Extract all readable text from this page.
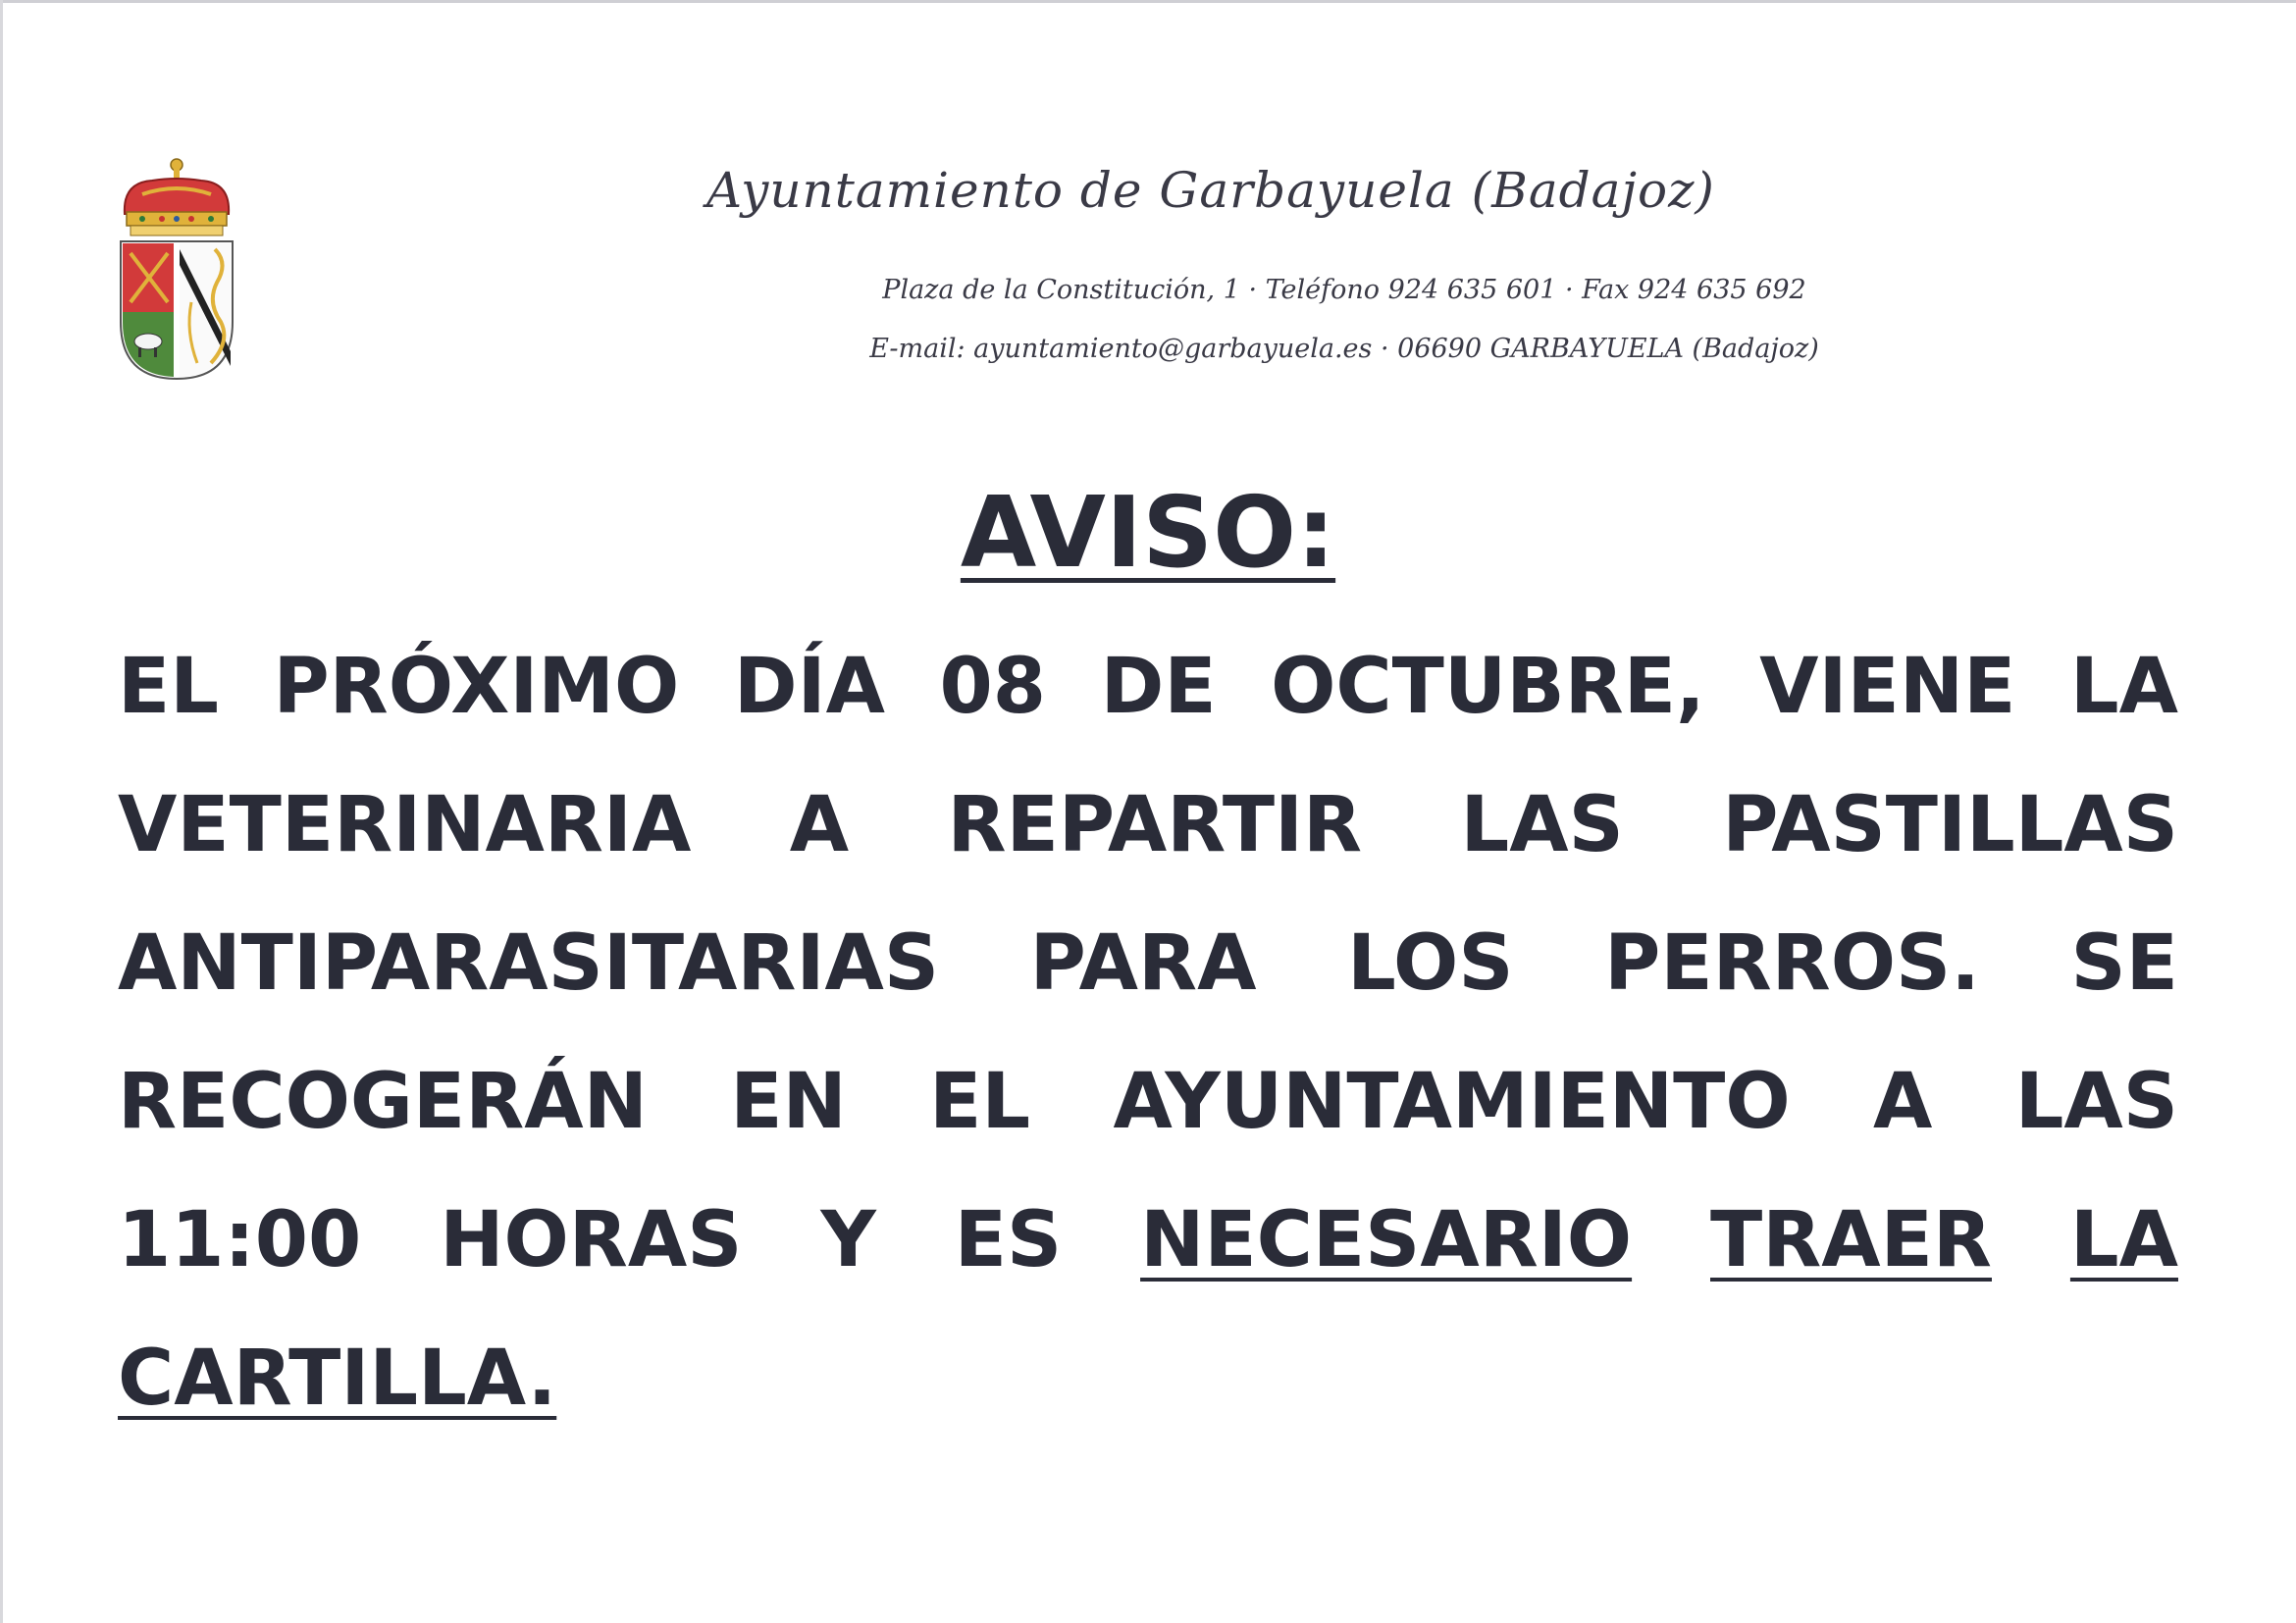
Ayuntamiento de Garbayuela (Badajoz)
Plaza de la Constitución, 1 · Teléfono 924 635 601 · Fax 924 635 692
E-mail: ayuntamiento@garbayuela.es · 06690 GARBAYUELA (Badajoz)
AVISO:
EL PRÓXIMO DÍA 08 DE OCTUBRE, VIENE LA
VETERINARIA A REPARTIR LAS PASTILLAS
ANTIPARASITARIAS PARA LOS PERROS. SE
RECOGERÁN EN EL AYUNTAMIENTO A LAS
11:00 HORAS Y ES NECESARIO TRAER LA
CARTILLA.
